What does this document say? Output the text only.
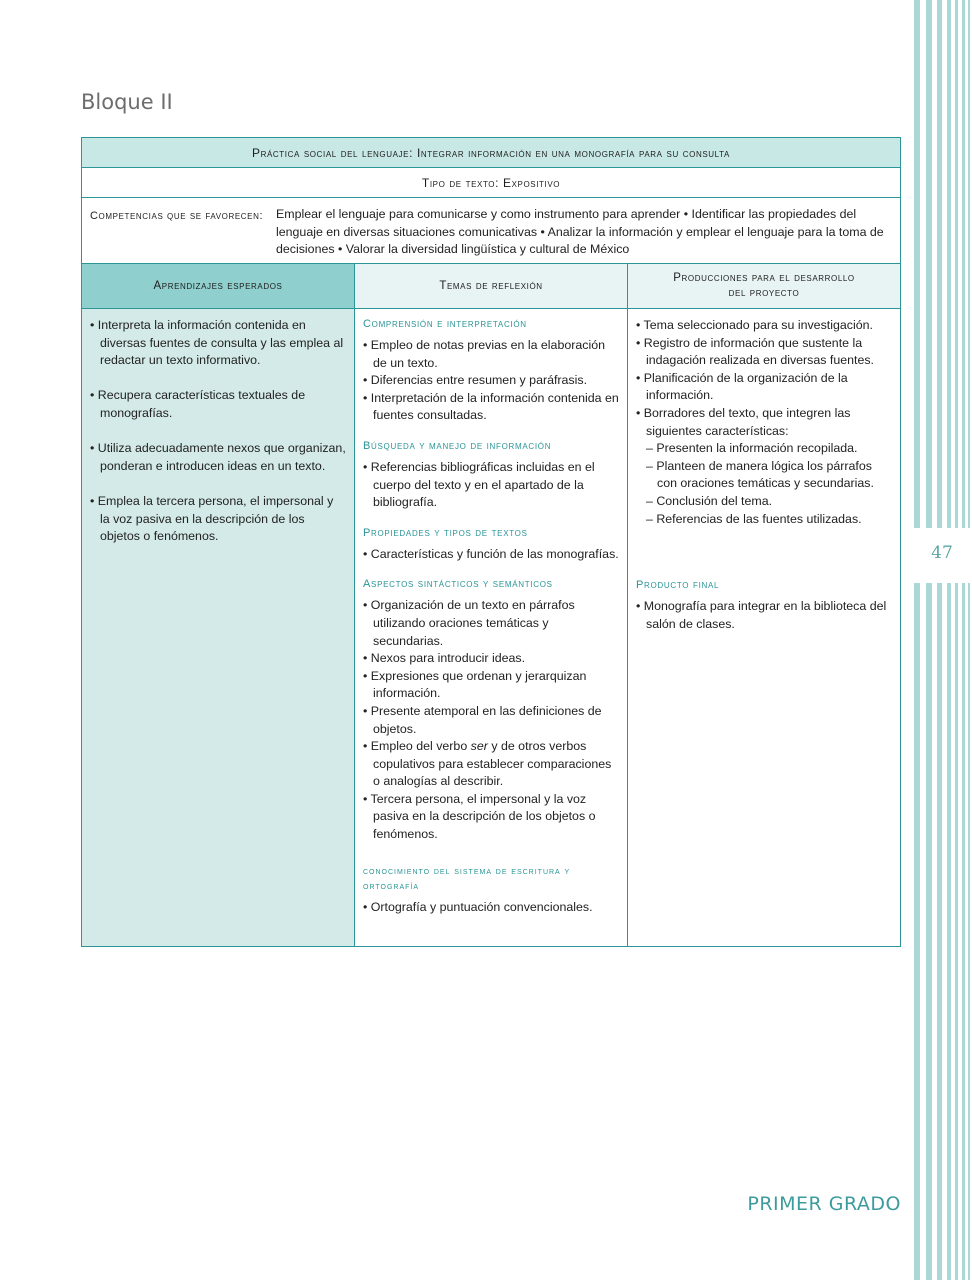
47
Bloque II
Práctica social del lenguaje: Integrar información en una monografía para su consulta
Tipo de texto: Expositivo
Competencias que se favorecen:	Emplear el lenguaje para comunicarse y como instrumento para aprender • Identificar las propiedades del lenguaje en diversas situaciones comunicativas • Analizar la información y emplear el lenguaje para la toma de decisiones • Valorar la diversidad lingüística y cultural de México
Aprendizajes esperados	Temas de reflexión
Producciones para el desarrollo
del proyecto

• Interpreta la información contenida en diversas fuentes de consulta y las emplea al redactar un texto informativo.

• Recupera características textuales de monografías.

• Utiliza adecuadamente nexos que organizan, ponderan e introducen ideas en un texto.

• Emplea la tercera persona, el impersonal y la voz pasiva en la descripción de los objetos o fenómenos.

Comprensión e interpretación

• Empleo de notas previas en la elaboración de un texto.

• Diferencias entre resumen y paráfrasis.

• Interpretación de la información contenida en fuentes consultadas.

Búsqueda y manejo de información

• Referencias bibliográficas incluidas en el cuerpo del texto y en el apartado de la bibliografía.

Propiedades y tipos de textos

• Características y función de las monografías.

Aspectos sintácticos y semánticos

• Organización de un texto en párrafos utilizando oraciones temáticas y secundarias.

• Nexos para introducir ideas.

• Expresiones que ordenan y jerarquizan información.

• Presente atemporal en las definiciones de objetos.

• Empleo del verbo ser y de otros verbos copulativos para establecer comparaciones o analogías al describir.

• Tercera persona, el impersonal y la voz pasiva en la descripción de los objetos o fenómenos.

conocimiento del sistema de escritura y ortografía

• Ortografía y puntuación convencionales.

• Tema seleccionado para su investigación.

• Registro de información que sustente la indagación realizada en diversas fuentes.

• Planificación de la organización de la información.

• Borradores del texto, que integren las siguientes características:

– Presenten la información recopilada.

– Planteen de manera lógica los párrafos con oraciones temáticas y secundarias.

– Conclusión del tema.

– Referencias de las fuentes utilizadas.

Producto final

• Monografía para integrar en la biblioteca del salón de clases.

PRIMER GRADO
